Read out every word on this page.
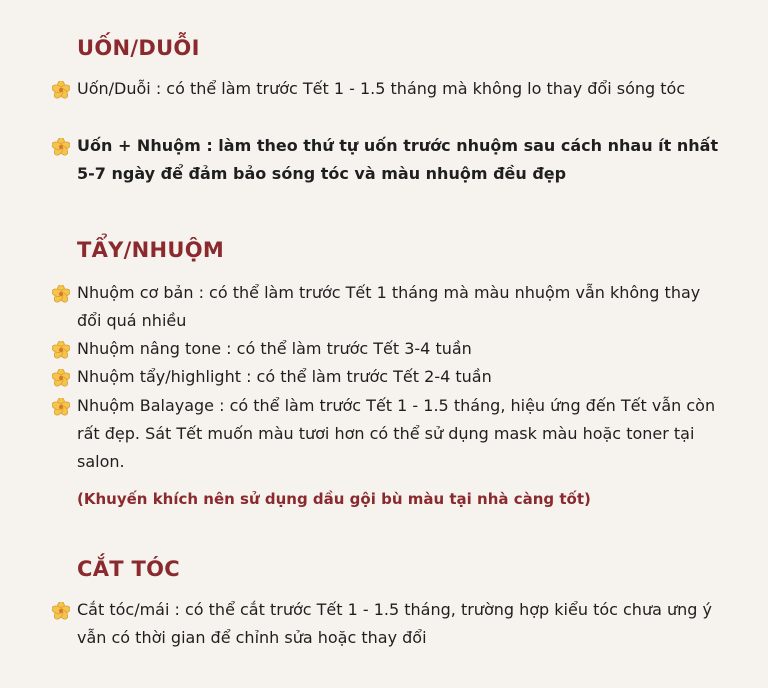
UỐN/DUỖI

Uốn/Duỗi : có thể làm trước Tết 1 - 1.5 tháng mà không lo thay đổi sóng tóc

Uốn + Nhuộm : làm theo thứ tự uốn trước nhuộm sau cách nhau ít nhất 5-7 ngày để đảm bảo sóng tóc và màu nhuộm đều đẹp

TẨY/NHUỘM

Nhuộm cơ bản : có thể làm trước Tết 1 tháng mà màu nhuộm vẫn không thay đổi quá nhiều

Nhuộm nâng tone : có thể làm trước Tết 3-4 tuần

Nhuộm tẩy/highlight : có thể làm trước Tết 2-4 tuần

Nhuộm Balayage : có thể làm trước Tết 1 - 1.5 tháng, hiệu ứng đến Tết vẫn còn rất đẹp. Sát Tết muốn màu tươi hơn có thể sử dụng mask màu hoặc toner tại salon.

(Khuyến khích nên sử dụng dầu gội bù màu tại nhà càng tốt)

CẮT TÓC

Cắt tóc/mái : có thể cắt trước Tết 1 - 1.5 tháng, trường hợp kiểu tóc chưa ưng ý vẫn có thời gian để chỉnh sửa hoặc thay đổi
